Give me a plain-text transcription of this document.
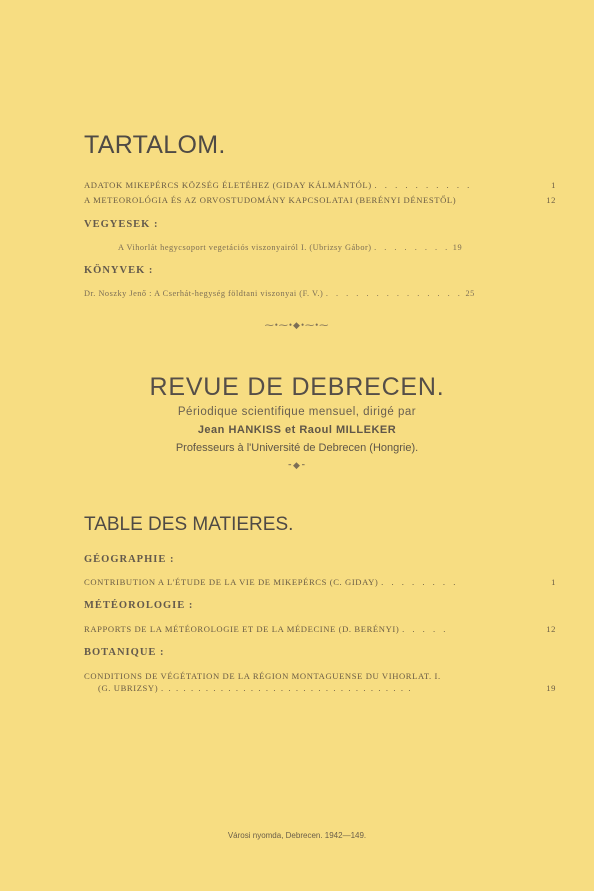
TARTALOM.
ADATOK MIKEPÉRCS KÖZSÉG ÉLETÉHEZ (GIDAY KÁLMÁNTÓL) . . . . . . . . . .	1
A METEOROLÓGIA ÉS AZ ORVOSTUDOMÁNY KAPCSOLATAI (BERÉNYI DÉNESTŐL)	12
VEGYESEK :
A Vihorlát hegycsoport vegetációs viszonyairól I. (Ubrizsy Gábor) . . . . . . . . 19
KÖNYVEK :
Dr. Noszky Jenő : A Cserhát-hegység földtani viszonyai (F. V.) . . . . . . . . . . . . . . 25
⁓•⁓•◆•⁓•⁓
REVUE DE DEBRECEN.
Périodique scientifique mensuel, dirigé par
Jean HANKISS et Raoul MILLEKER
Professeurs à l'Université de Debrecen (Hongrie).
⁃◆⁃
TABLE DES MATIERES.
GÉOGRAPHIE :
CONTRIBUTION A L'ÉTUDE DE LA VIE DE MIKEPÉRCS (C. GIDAY) . . . . . . . .	1
MÉTÉOROLOGIE :
RAPPORTS DE LA MÉTÉOROLOGIE ET DE LA MÉDECINE (D. BERÉNYI) . . . . .	12
BOTANIQUE :
CONDITIONS DE VÉGÉTATION DE LA RÉGION MONTAGUENSE DU VIHORLAT. I.
(G. UBRIZSY) . . . . . . . . . . . . . . . . . . . . . . . . . . . . . . . . . .	19
Városi nyomda, Debrecen. 1942—149.
